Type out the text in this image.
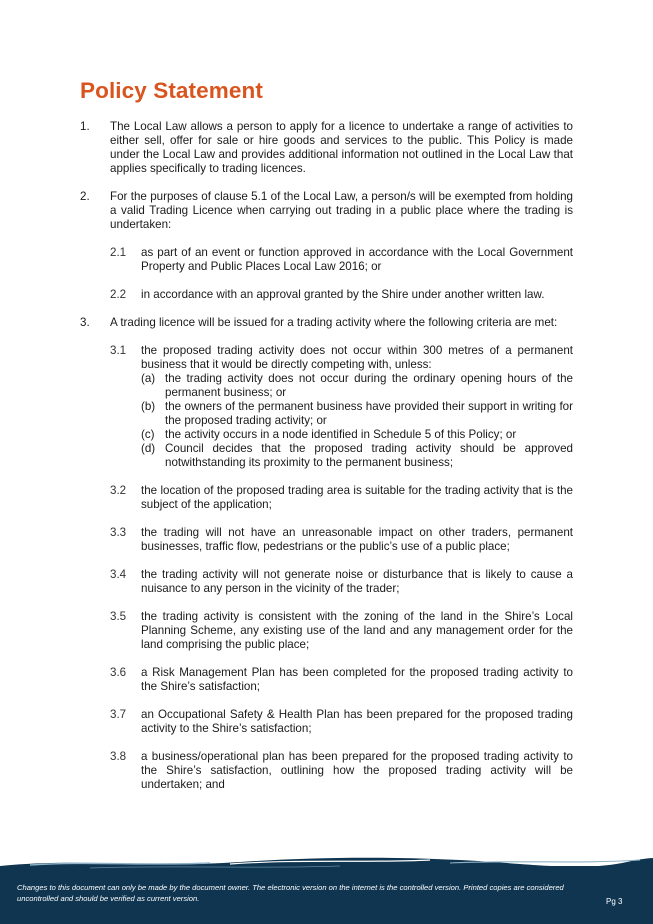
Policy Statement
1. The Local Law allows a person to apply for a licence to undertake a range of activities to either sell, offer for sale or hire goods and services to the public. This Policy is made under the Local Law and provides additional information not outlined in the Local Law that applies specifically to trading licences.
2. For the purposes of clause 5.1 of the Local Law, a person/s will be exempted from holding a valid Trading Licence when carrying out trading in a public place where the trading is undertaken:
2.1 as part of an event or function approved in accordance with the Local Government Property and Public Places Local Law 2016; or
2.2 in accordance with an approval granted by the Shire under another written law.
3. A trading licence will be issued for a trading activity where the following criteria are met:
3.1 the proposed trading activity does not occur within 300 metres of a permanent business that it would be directly competing with, unless:
(a) the trading activity does not occur during the ordinary opening hours of the permanent business; or
(b) the owners of the permanent business have provided their support in writing for the proposed trading activity; or
(c) the activity occurs in a node identified in Schedule 5 of this Policy; or
(d) Council decides that the proposed trading activity should be approved notwithstanding its proximity to the permanent business;
3.2 the location of the proposed trading area is suitable for the trading activity that is the subject of the application;
3.3 the trading will not have an unreasonable impact on other traders, permanent businesses, traffic flow, pedestrians or the public’s use of a public place;
3.4 the trading activity will not generate noise or disturbance that is likely to cause a nuisance to any person in the vicinity of the trader;
3.5 the trading activity is consistent with the zoning of the land in the Shire’s Local Planning Scheme, any existing use of the land and any management order for the land comprising the public place;
3.6 a Risk Management Plan has been completed for the proposed trading activity to the Shire’s satisfaction;
3.7 an Occupational Safety & Health Plan has been prepared for the proposed trading activity to the Shire’s satisfaction;
3.8 a business/operational plan has been prepared for the proposed trading activity to the Shire’s satisfaction, outlining how the proposed trading activity will be undertaken; and
Changes to this document can only be made by the document owner. The electronic version on the internet is the controlled version. Printed copies are considered uncontrolled and should be verified as current version.	Pg 3
